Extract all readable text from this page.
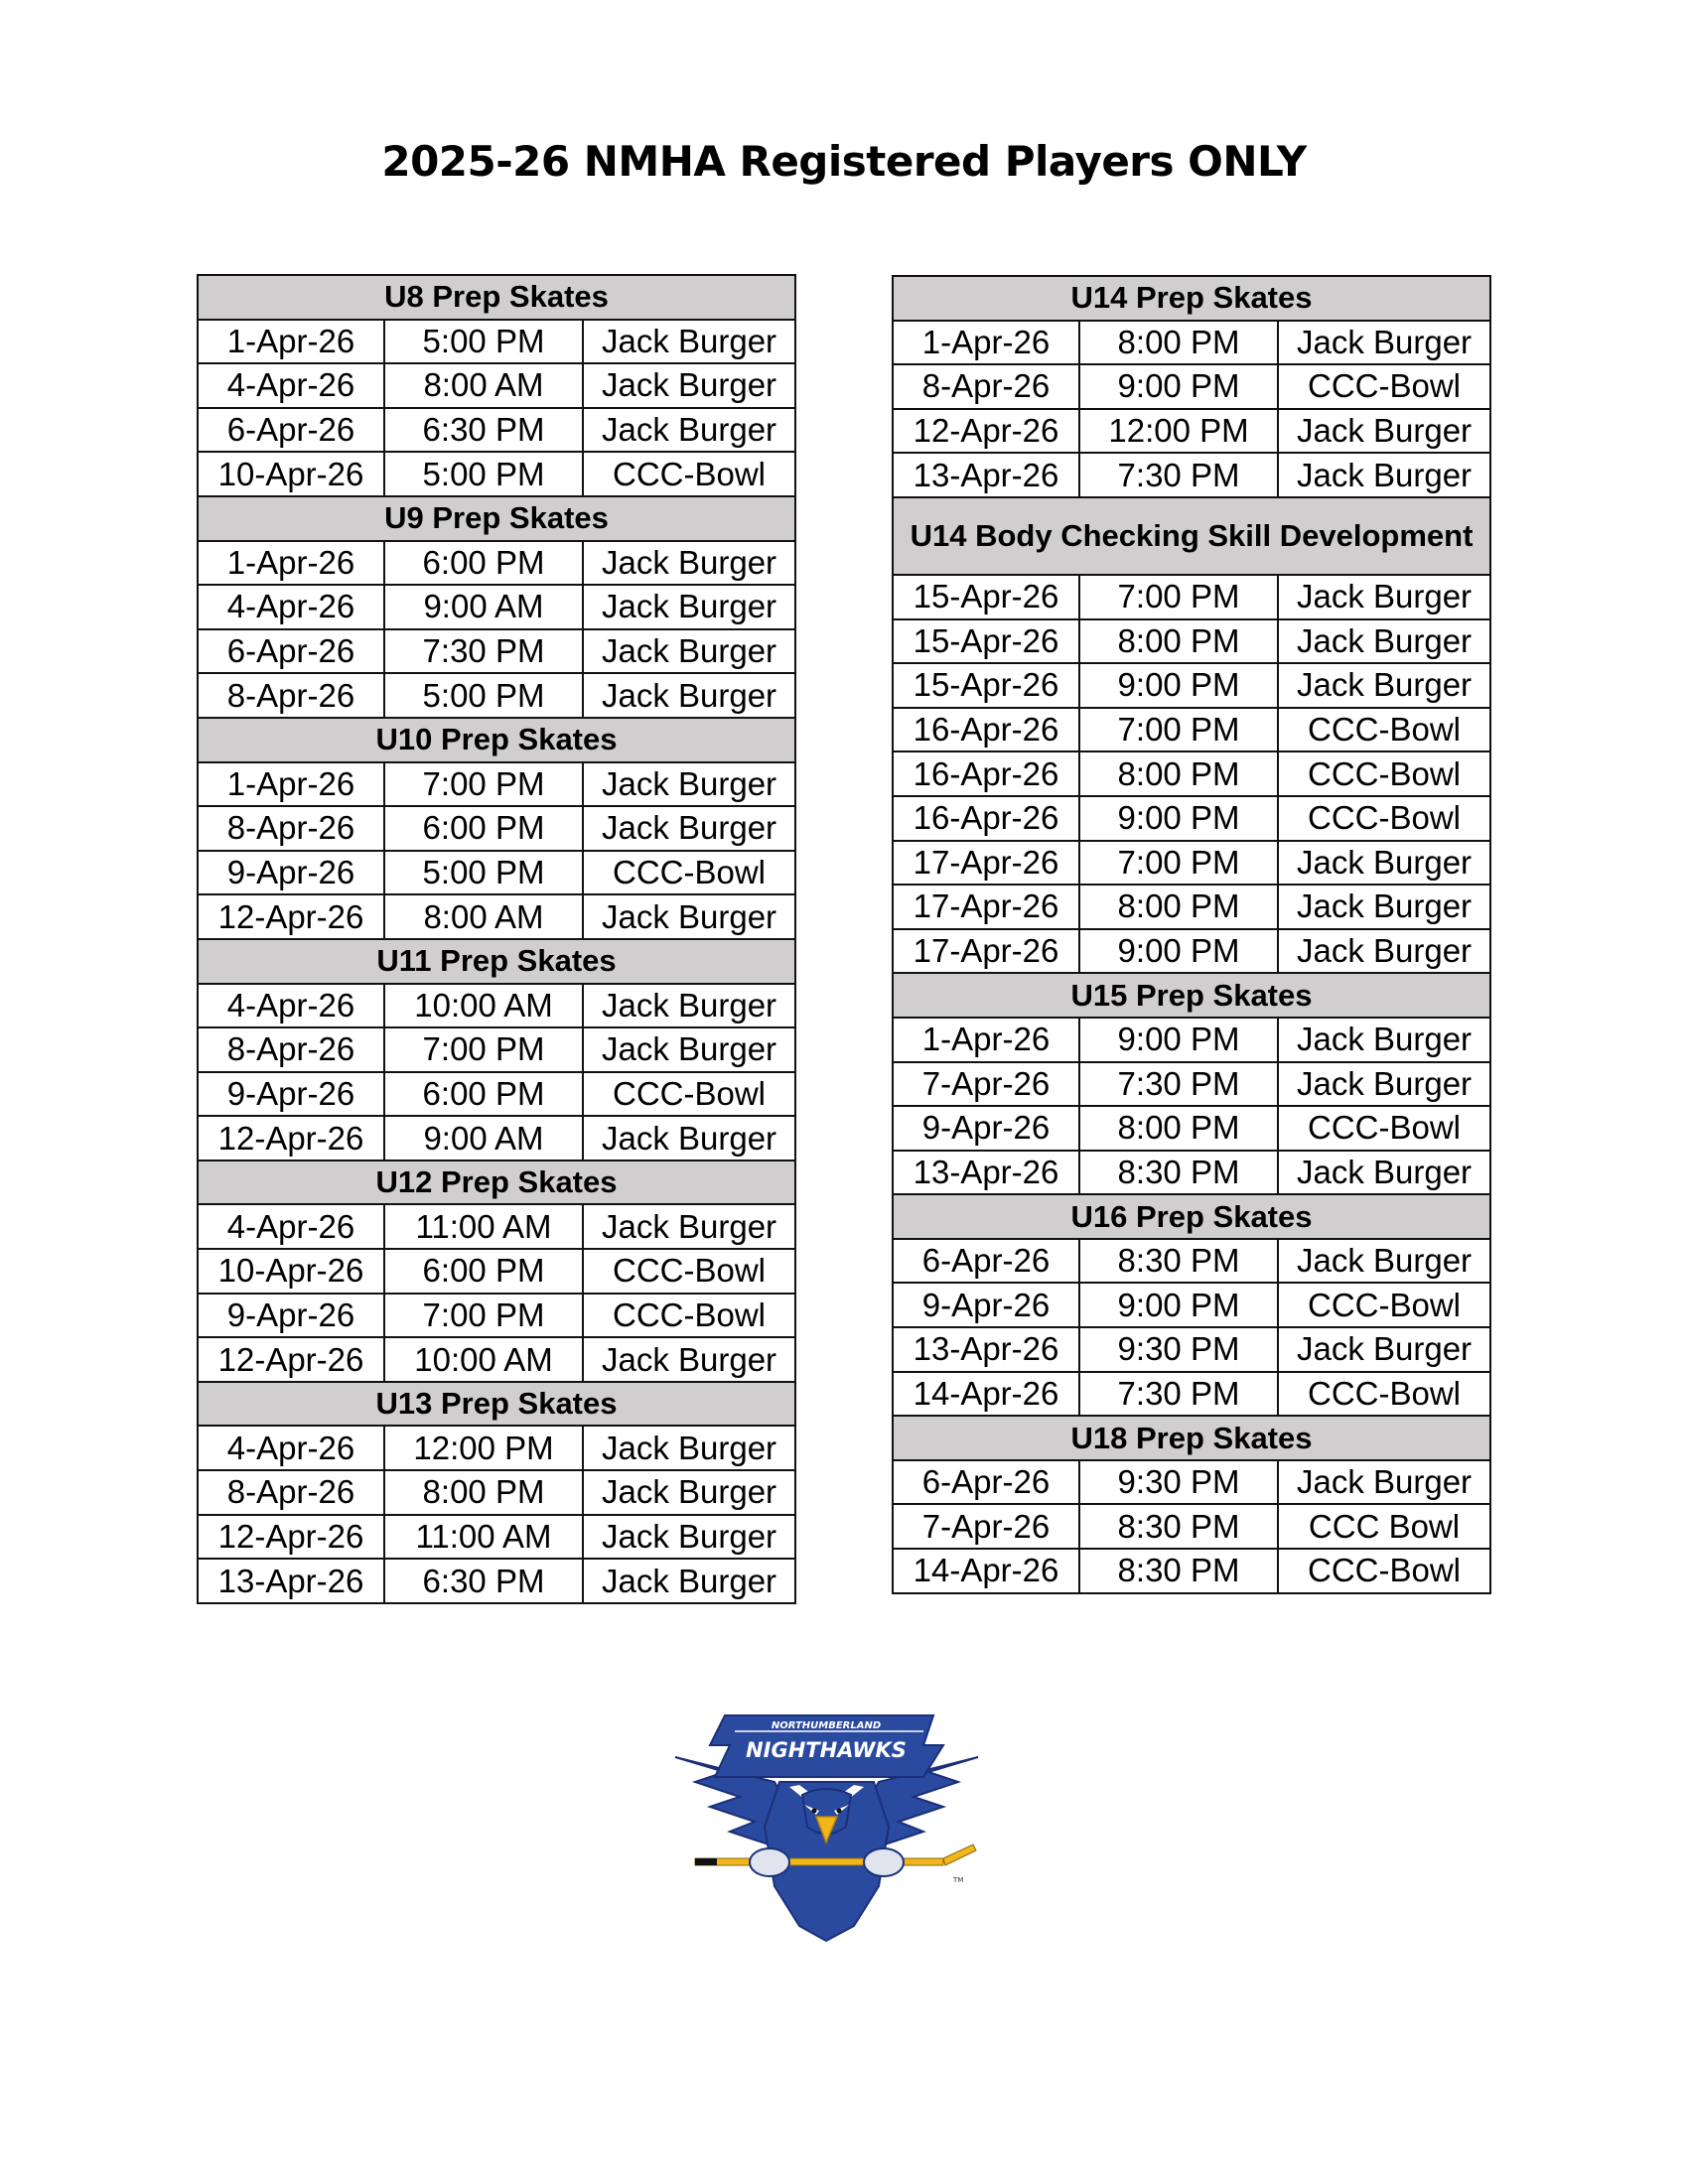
2025-26 NMHA Registered Players ONLY
U8 Prep Skates		
1-Apr-26	5:00 PM	Jack Burger
4-Apr-26	8:00 AM	Jack Burger
6-Apr-26	6:30 PM	Jack Burger
10-Apr-26	5:00 PM	CCC-Bowl
U9 Prep Skates		
1-Apr-26	6:00 PM	Jack Burger
4-Apr-26	9:00 AM	Jack Burger
6-Apr-26	7:30 PM	Jack Burger
8-Apr-26	5:00 PM	Jack Burger
U10 Prep Skates		
1-Apr-26	7:00 PM	Jack Burger
8-Apr-26	6:00 PM	Jack Burger
9-Apr-26	5:00 PM	CCC-Bowl
12-Apr-26	8:00 AM	Jack Burger
U11 Prep Skates		
4-Apr-26	10:00 AM	Jack Burger
8-Apr-26	7:00 PM	Jack Burger
9-Apr-26	6:00 PM	CCC-Bowl
12-Apr-26	9:00 AM	Jack Burger
U12 Prep Skates		
4-Apr-26	11:00 AM	Jack Burger
10-Apr-26	6:00 PM	CCC-Bowl
9-Apr-26	7:00 PM	CCC-Bowl
12-Apr-26	10:00 AM	Jack Burger
U13 Prep Skates		
4-Apr-26	12:00 PM	Jack Burger
8-Apr-26	8:00 PM	Jack Burger
12-Apr-26	11:00 AM	Jack Burger
13-Apr-26	6:30 PM	Jack Burger
U14 Prep Skates		
1-Apr-26	8:00 PM	Jack Burger
8-Apr-26	9:00 PM	CCC-Bowl
12-Apr-26	12:00 PM	Jack Burger
13-Apr-26	7:30 PM	Jack Burger
U14 Body Checking Skill Development		
15-Apr-26	7:00 PM	Jack Burger
15-Apr-26	8:00 PM	Jack Burger
15-Apr-26	9:00 PM	Jack Burger
16-Apr-26	7:00 PM	CCC-Bowl
16-Apr-26	8:00 PM	CCC-Bowl
16-Apr-26	9:00 PM	CCC-Bowl
17-Apr-26	7:00 PM	Jack Burger
17-Apr-26	8:00 PM	Jack Burger
17-Apr-26	9:00 PM	Jack Burger
U15 Prep Skates		
1-Apr-26	9:00 PM	Jack Burger
7-Apr-26	7:30 PM	Jack Burger
9-Apr-26	8:00 PM	CCC-Bowl
13-Apr-26	8:30 PM	Jack Burger
U16 Prep Skates		
6-Apr-26	8:30 PM	Jack Burger
9-Apr-26	9:00 PM	CCC-Bowl
13-Apr-26	9:30 PM	Jack Burger
14-Apr-26	7:30 PM	CCC-Bowl
U18 Prep Skates		
6-Apr-26	9:30 PM	Jack Burger
7-Apr-26	8:30 PM	CCC Bowl
14-Apr-26	8:30 PM	CCC-Bowl
NORTHUMBERLAND
NIGHTHAWKS
TM
